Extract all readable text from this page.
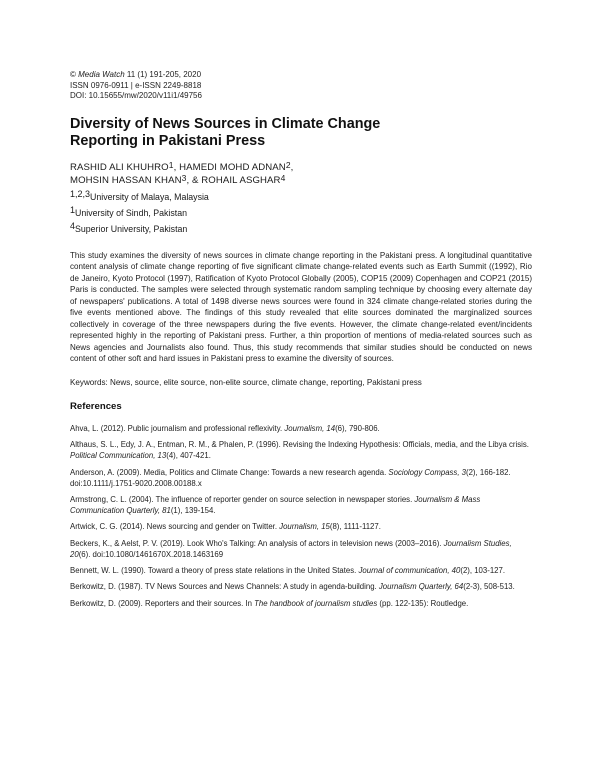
© Media Watch 11 (1) 191-205, 2020
ISSN 0976-0911 | e-ISSN 2249-8818
DOI: 10.15655/mw/2020/v11i1/49756
Diversity of News Sources in Climate Change
Reporting in Pakistani Press
RASHID ALI KHUHRO$^1$, HAMEDI MOHD ADNAN$^2$,
MOHSIN HASSAN KHAN$^3$, & ROHAIL ASGHAR$^4$
$^{1,2,3}$University of Malaya, Malaysia
$^1$University of Sindh, Pakistan
$^4$Superior University, Pakistan
This study examines the diversity of news sources in climate change reporting in the Pakistani press. A longitudinal quantitative content analysis of climate change reporting of five significant climate change-related events such as Earth Summit ((1992), Rio de Janeiro, Kyoto Protocol (1997), Ratification of Kyoto Protocol Globally (2005), COP15 (2009) Copenhagen and COP21 (2015) Paris is conducted. The samples were selected through systematic random sampling technique by choosing every alternate day of newspapers' publications. A total of 1498 diverse news sources were found in 324 climate change-related stories during the five events mentioned above. The findings of this study revealed that elite sources dominated the marginalized sources collectively in coverage of the three newspapers during the five events. However, the climate change-related event/incidents represented highly in the reporting of Pakistani press. Further, a thin proportion of mentions of media-related sources such as News agencies and Journalists also found. Thus, this study recommends that similar studies should be conducted on news content of other soft and hard issues in Pakistani press to examine the diversity of sources.
Keywords: News, source, elite source, non-elite source, climate change, reporting, Pakistani press
References
Ahva, L. (2012). Public journalism and professional reflexivity. Journalism, 14(6), 790-806.
Althaus, S. L., Edy, J. A., Entman, R. M., & Phalen, P. (1996). Revising the Indexing Hypothesis: Officials, media, and the Libya crisis. Political Communication, 13(4), 407-421.
Anderson, A. (2009). Media, Politics and Climate Change: Towards a new research agenda. Sociology Compass, 3(2), 166-182. doi:10.1111/j.1751-9020.2008.00188.x
Armstrong, C. L. (2004). The influence of reporter gender on source selection in newspaper stories. Journalism & Mass Communication Quarterly, 81(1), 139-154.
Artwick, C. G. (2014). News sourcing and gender on Twitter. Journalism, 15(8), 1111-1127.
Beckers, K., & Aelst, P. V. (2019). Look Who's Talking: An analysis of actors in television news (2003–2016). Journalism Studies, 20(6). doi:10.1080/1461670X.2018.1463169
Bennett, W. L. (1990). Toward a theory of press state relations in the United States. Journal of communication, 40(2), 103-127.
Berkowitz, D. (1987). TV News Sources and News Channels: A study in agenda-building. Journalism Quarterly, 64(2-3), 508-513.
Berkowitz, D. (2009). Reporters and their sources. In The handbook of journalism studies (pp. 122-135): Routledge.
